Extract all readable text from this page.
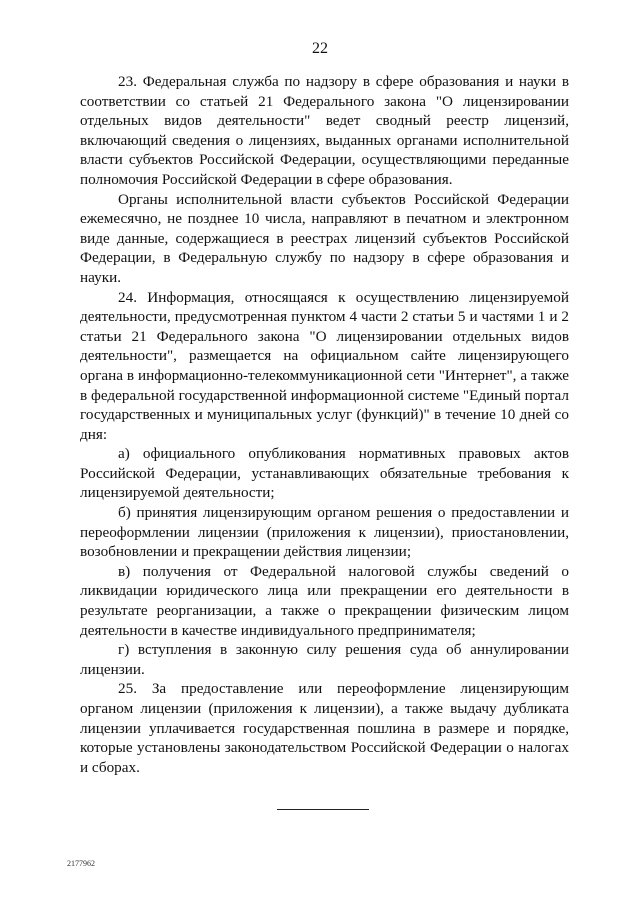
22

23. Федеральная служба по надзору в сфере образования и науки в соответствии со статьей 21 Федерального закона "О лицензировании отдельных видов деятельности" ведет сводный реестр лицензий, включающий сведения о лицензиях, выданных органами исполнительной власти субъектов Российской Федерации, осуществляющими переданные полномочия Российской Федерации в сфере образования.

Органы исполнительной власти субъектов Российской Федерации ежемесячно, не позднее 10 числа, направляют в печатном и электронном виде данные, содержащиеся в реестрах лицензий субъектов Российской Федерации, в Федеральную службу по надзору в сфере образования и науки.

24. Информация, относящаяся к осуществлению лицензируемой деятельности, предусмотренная пунктом 4 части 2 статьи 5 и частями 1 и 2 статьи 21 Федерального закона "О лицензировании отдельных видов деятельности", размещается на официальном сайте лицензирующего органа в информационно-телекоммуникационной сети "Интернет", а также в федеральной государственной информационной системе "Единый портал государственных и муниципальных услуг (функций)" в течение 10 дней со дня:

а) официального опубликования нормативных правовых актов Российской Федерации, устанавливающих обязательные требования к лицензируемой деятельности;

б) принятия лицензирующим органом решения о предоставлении и переоформлении лицензии (приложения к лицензии), приостановлении, возобновлении и прекращении действия лицензии;

в) получения от Федеральной налоговой службы сведений о ликвидации юридического лица или прекращении его деятельности в результате реорганизации, а также о прекращении физическим лицом деятельности в качестве индивидуального предпринимателя;

г) вступления в законную силу решения суда об аннулировании лицензии.

25. За предоставление или переоформление лицензирующим органом лицензии (приложения к лицензии), а также выдачу дубликата лицензии уплачивается государственная пошлина в размере и порядке, которые установлены законодательством Российской Федерации о налогах и сборах.

2177962
